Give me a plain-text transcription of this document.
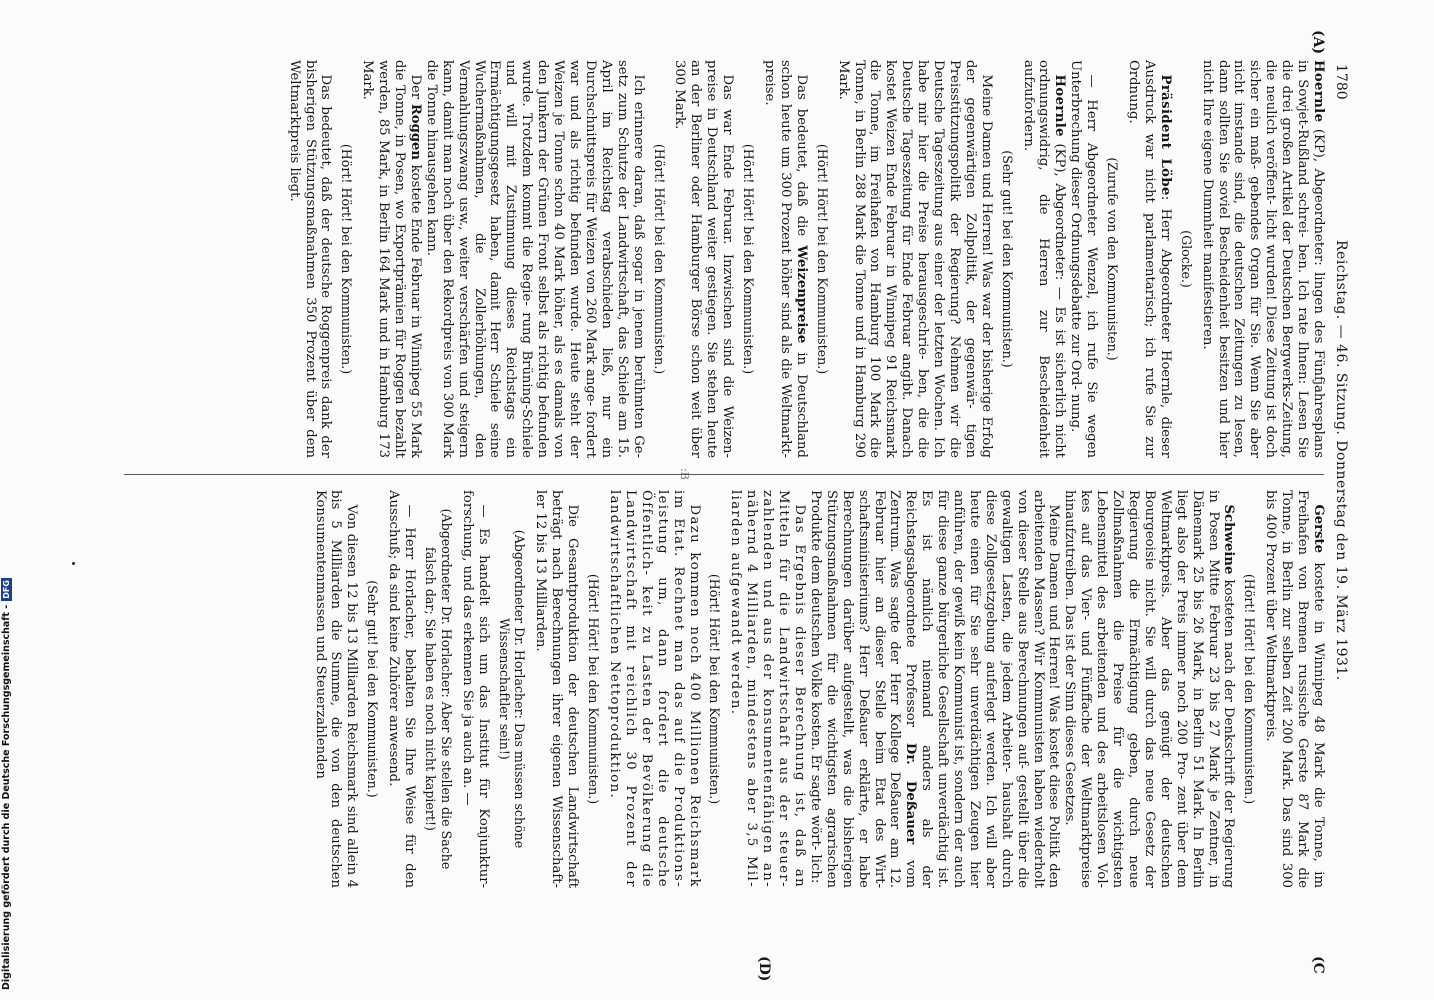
Digitalisierung gefördert durch die Deutsche Forschungsgemeinschaft -DFG
1780
Reichstag. — 46. Sitzung. Donnerstag den 19. März 1931.
(A)
:B
(C
(D)

Hoernle (KP), Abgeordneter: lingen des Fünfjahresplans in Sowjet-Rußland schrei- ben. Ich rate Ihnen: Lesen Sie die drei großen Artikel der Deutschen Bergwerks-Zeitung, die neulich veröffent- licht wurden! Diese Zeitung ist doch sicher ein maß- gebendes Organ für Sie. Wenn Sie aber nicht imstande sind, die deutschen Zeitungen zu lesen, dann sollten Sie soviel Bescheidenheit besitzen und hier nicht Ihre eigene Dummheit manifestieren.

(Glocke.)

Präsident Löbe: Herr Abgeordneter Hoernle, dieser Ausdruck war nicht parlamentarisch; ich rufe Sie zur Ordnung.

(Zurufe von den Kommunisten.)

— Herr Abgeordneter Wenzel, ich rufe Sie wegen Unterbrechung dieser Ordnungsdebatte zur Ord- nung.

Hoernle (KP), Abgeordneter: — Es ist sicherlich nicht ordnungswidrig, die Herren zur Bescheidenheit aufzufordern.

(Sehr gut! bei den Kommunisten.)

Meine Damen und Herren! Was war der bisherige Erfolg der gegenwärtigen Zollpolitik, der gegenwär- tigen Preisstützungspolitik der Regierung? Nehmen wir die Deutsche Tageszeitung aus einer der letzten Wochen. Ich habe mir hier die Preise herausgeschrie- ben, die die Deutsche Tageszeitung für Ende Februar angibt. Danach kostet Weizen Ende Februar in Winnipeg 91 Reichsmark die Tonne, im Freihafen von Hamburg 100 Mark die Tonne, in Berlin 288 Mark die Tonne und in Hamburg 290 Mark.

(Hört! Hört! bei den Kommunisten.)

Das bedeutet, daß die Weizenpreise in Deutschland schon heute um 300 Prozent höher sind als die Weltmarkt- preise.

(Hört! Hört! bei den Kommunisten.)

Das war Ende Februar. Inzwischen sind die Weizen- preise in Deutschland weiter gestiegen. Sie stehen heute an der Berliner oder Hamburger Börse schon weit über 300 Mark.

(Hört! Hört! bei den Kommunisten.)

Ich erinnere daran, daß sogar in jenem berühmten Ge- setz zum Schutze der Landwirtschaft, das Schiele am 15. April im Reichstag verabschieden ließ, nur ein Durchschnittspreis für Weizen von 260 Mark ange- fordert war und als richtig befunden wurde. Heute steht der Weizen je Tonne schon 40 Mark höher, als es damals von den Junkern der Grünen Front selbst als richtig befunden wurde. Trotzdem kommt die Regie- rung Brüning-Schiele und will mit Zustimmung dieses Reichstags ein Ermächtigungsgesetz haben, damit Herr Schiele seine Wuchermaßnahmen, die Zollerhöhungen, den Vermahlungszwang usw., weiter verschärfen und steigern kann, damit man noch über den Rekordpreis von 300 Mark die Tonne hinausgehen kann.

Der Roggen kostete Ende Februar in Winnipeg 55 Mark die Tonne, in Posen, wo Exportprämien für Roggen bezahlt werden, 85 Mark, in Berlin 164 Mark und in Hamburg 173 Mark.

(Hört! Hört! bei den Kommunisten.)

Das bedeutet, daß der deutsche Roggenpreis dank der bisherigen Stützungsmaßnahmen 350 Prozent über dem Weltmarktpreis liegt.

Gerste kostete in Winnipeg 48 Mark die Tonne, im Freihafen von Bremen russische Gerste 87 Mark die Tonne, in Berlin zur selben Zeit 200 Mark. Das sind 300 bis 400 Prozent über Weltmarktpreis.

(Hört! Hört! bei den Kommunisten.)

Schweine kosteten nach der Denkschrift der Regierung in Posen Mitte Februar 23 bis 27 Mark je Zentner, in Dänemark 25 bis 26 Mark, in Berlin 51 Mark. In Berlin liegt also der Preis immer noch 200 Pro- zent über dem Weltmarktpreis. Aber das genügt der deutschen Bourgeoisie nicht. Sie will durch das neue Gesetz der Regierung die Ermächtigung geben, durch neue Zollmaßnahmen die Preise für die wichtigsten Lebensmittel des arbeitenden und des arbeitslosen Vol- kes auf das Vier- und Fünffache der Weltmarktpreise hinaufzutreiben. Das ist der Sinn dieses Gesetzes.

Meine Damen und Herren! Was kostet diese Politik den arbeitenden Massen? Wir Kommunisten haben wiederholt von dieser Stelle aus Berechnungen auf- gestellt über die gewaltigen Lasten, die jedem Arbeiter- haushalt durch diese Zollgesetzgebung auferlegt werden. Ich will aber heute einen für Sie sehr unverdächtigen Zeugen hier anführen, der gewiß kein Kommunist ist, sondern der auch für diese ganze bürgerliche Gesellschaft unverdächtig ist. Es ist nämlich niemand anders als der Reichstagsabgeordnete Professor Dr. Deßauer vom Zentrum. Was sagte der Herr Kollege Deßauer am 12. Februar hier an dieser Stelle beim Etat des Wirt- schaftsministeriums? Herr Deßauer erklärte, er habe Berechnungen darüber aufgestellt, was die bisherigen Stützungsmaßnahmen für die wichtigsten agrarischen Produkte dem deutschen Volke kosten. Er sagte wört- lich:

Das Ergebnis dieser Berechnung ist, daß an Mitteln für die Landwirtschaft aus der steuer- zahlenden und aus der konsumentenfähigen an- nähernd 4 Milliarden, mindestens aber 3,5 Mil- liarden aufgewandt werden.

(Hört! Hört! bei den Kommunisten.)

Dazu kommen noch 400 Millionen Reichsmark im Etat. Rechnet man das auf die Produktions- leistung um, dann fordert die deutsche Öffentlich- keit zu Lasten der Bevölkerung die Landwirtschaft mit reichlich 30 Prozent der landwirtschaftlichen Nettoproduktion.

(Hört! Hört! bei den Kommunisten.)

Die Gesamtproduktion der deutschen Landwirtschaft beträgt nach Berechnungen ihrer eigenen Wissenschaft- ler 12 bis 13 Milliarden.

(Abgeordneter Dr. Horlacher: Das müssen schöne Wissenschaftler sein!)

— Es handelt sich um das Institut für Konjunktur- forschung, und das erkennen Sie ja auch an. —

(Abgeordneter Dr. Horlacher: Aber Sie stellen die Sache falsch dar; Sie haben es noch nicht kapiert!)

— Herr Horlacher, behalten Sie Ihre Weise für den Ausschuß; da sind keine Zuhörer anwesend.

(Sehr gut! bei den Kommunisten.)

Von diesen 12 bis 13 Milliarden Reichsmark sind allein 4 bis 5 Milliarden die Summe, die von den deutschen Konsumentenmassen und Steuerzahlenden
